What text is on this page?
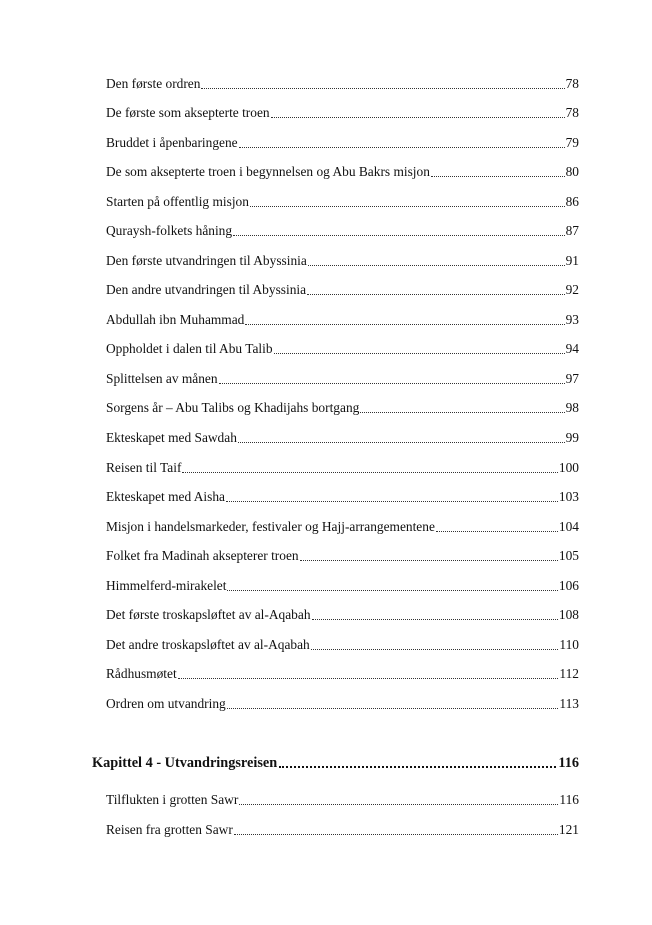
Den første ordren	78
De første som aksepterte troen	78
Bruddet i åpenbaringene	79
De som aksepterte troen i begynnelsen og Abu Bakrs misjon	80
Starten på offentlig misjon	86
Quraysh-folkets håning	87
Den første utvandringen til Abyssinia	91
Den andre utvandringen til Abyssinia	92
Abdullah ibn Muhammad	93
Oppholdet i dalen til Abu Talib	94
Splittelsen av månen	97
Sorgens år – Abu Talibs og Khadijahs bortgang	98
Ekteskapet med Sawdah	99
Reisen til Taif	100
Ekteskapet med Aisha	103
Misjon i handelsmarkeder, festivaler og Hajj-arrangementene	104
Folket fra Madinah aksepterer troen	105
Himmelferd-mirakelet	106
Det første troskapsløftet av al-Aqabah	108
Det andre troskapsløftet av al-Aqabah	110
Rådhusmøtet	112
Ordren om utvandring	113
Kapittel 4 - Utvandringsreisen	116
Tilflukten i grotten Sawr	116
Reisen fra grotten Sawr	121
